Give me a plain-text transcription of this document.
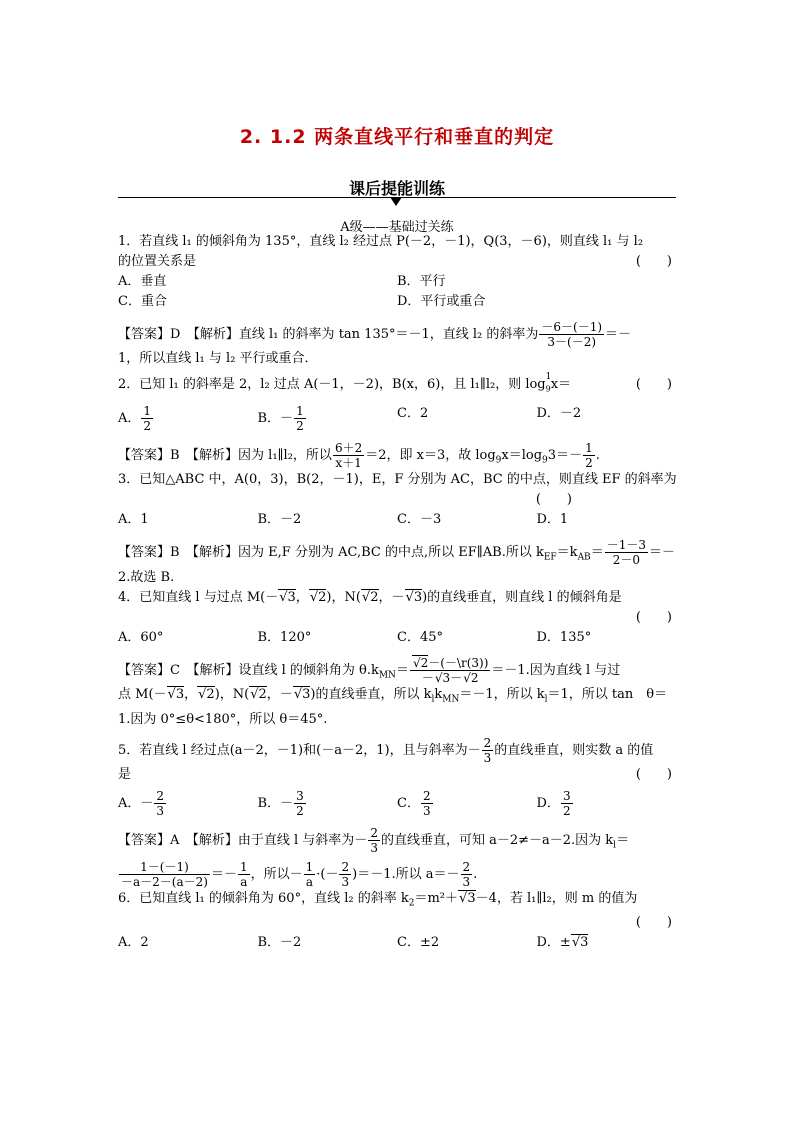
2. 1.2 两条直线平行和垂直的判定
课后提能训练
A级——基础过关练
1．若直线 l₁ 的倾斜角为 135°，直线 l₂ 经过点 P(－2，－1)，Q(3，－6)，则直线 l₁ 与 l₂
的位置关系是	(　　)
A．垂直	B．平行
C．重合	D．平行或重合
【答案】D　【解析】直线 l₁ 的斜率为 tan 135°＝－1，直线 l₂ 的斜率为 $\frac{-6-(-1)}{3-(-2)}$ ＝－
1，所以直线 l₁ 与 l₂ 平行或重合．
2．已知 l₁ 的斜率是 2，l₂ 过点 A(－1，－2)，B(x，6)，且 l₁∥l₂，则 log 1
$_9$x＝	(　　)
A． $\frac{1}{2}$	B．－ $\frac{1}{2}$	C．2	D．－2
【答案】B　【解析】因为 l₁∥l₂，所以 $\frac{6+2}{x+1} =2$，即 x＝3，故 $\log_9x=\log_93=- \frac{1}{2}$ .
3．已知△ABC 中，A(0，3)，B(2，－1)，E，F 分别为 AC，BC 的中点，则直线 EF 的斜率为
(　　)
A．1	B．－2	C．－3	D．1
【答案】B　【解析】因为 E,F 分别为 AC,BC 的中点,所以 EF∥AB.所以 $k_{EF}=k_{AB}= \frac{-1-3}{2-0}$ ＝－
2.故选 B.
4．已知直线 l 与过点 M(－√ 3，√ 2)，N(√ 2，－√ 3)的直线垂直，则直线 l 的倾斜角是
(　　)
A．60°	B．120°	C．45°	D．135°
【答案】C　【解析】设直线 l 的倾斜角为 $\theta.k_{MN}=$
√ $\frac{2-(-\backslash r(3))}{-√ 3-√ 2} =-1$.因为直线 l 与过
点 M(－√ 3，√ 2)，N(√ 2，－√ 3)的直线垂直，所以 $k_lk_{MN}=-1$，所以 $k_l=1$，所以 tan　θ＝
1.因为 0°≤θ<180°，所以 θ＝45°.
5．若直线 l 经过点(a－2，－1)和(－a－2，1)，且与斜率为－ $\frac{2}{3}$ 的直线垂直，则实数 a 的值
是	(　　)
A．－ $\frac{2}{3}$	B．－ $\frac{3}{2}$	C． $\frac{2}{3}$	D． $\frac{3}{2}$
【答案】A　【解析】由于直线 l 与斜率为－ $\frac{2}{3}$ 的直线垂直，可知 a－2≠－a－2.因为 $k_l=$
$\frac{1-(-1)}{-a-2-(a-2)} =- \frac{1}{a}$ ，所以－ $\frac{1}{a}$ ·(－ $\frac{2}{3} )=-1$.所以 $a=- \frac{2}{3}$ .
6．已知直线 l₁ 的倾斜角为 60°，直线 l₂ 的斜率 $k_2=m^2+√$ 3－4，若 l₁∥l₂，则 m 的值为
(　　)
A．2	B．－2	C．±2	D．±√ 3
